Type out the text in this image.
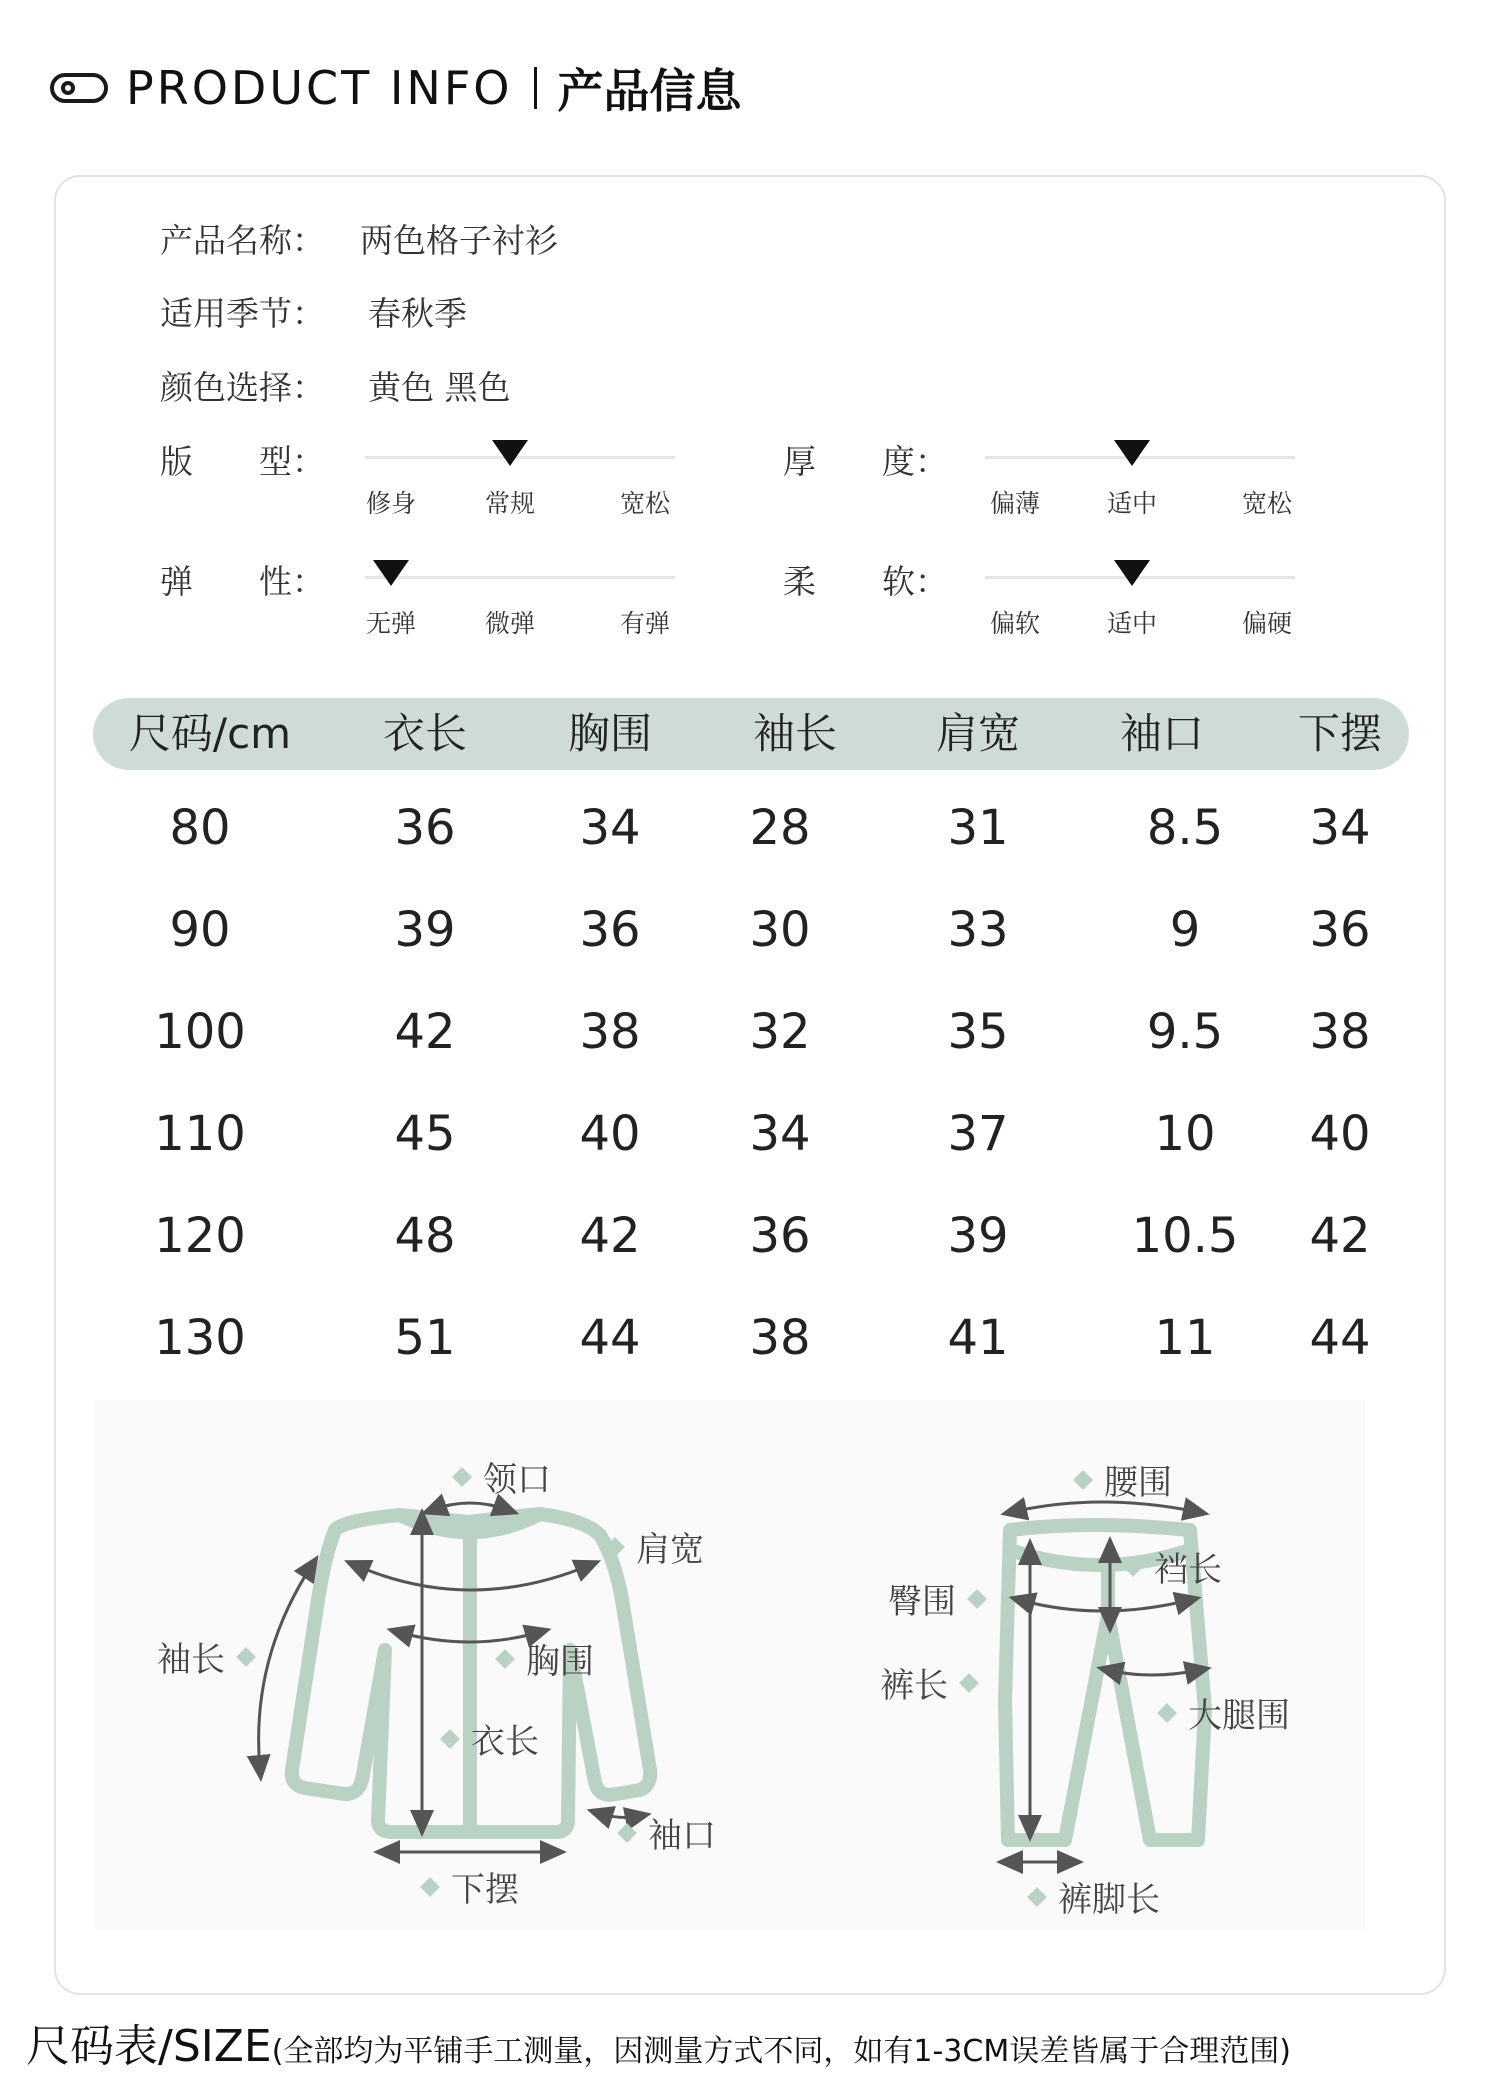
PRODUCT INFO 产品信息
产品名称：	两色格子衬衫
适用季节：	春秋季
颜色选择：	黄色 黑色
版　　型：
修身	常规	宽松
厚　　度：
偏薄	适中	宽松
弹　　性：
无弹	微弹	有弹
柔　　软：
偏软	适中	偏硬
尺码/cm 衣长 胸围 袖长 肩宽 袖口 下摆
80	36	34 28	31	8.5 34
90	39	36 30	33	9 36
100	42	38 32	35	9.5 38
110	45	40 34	37	10 40
120	48	42 36	39	10.5 42
130	51	44 38	41	11 44
领口
肩宽
袖长	胸围
衣长
袖口
下摆
腰围
裆长
臀围
裤长
大腿围
裤脚长
尺码表/SIZE(全部均为平铺手工测量，因测量方式不同，如有1-3CM误差皆属于合理范围)
